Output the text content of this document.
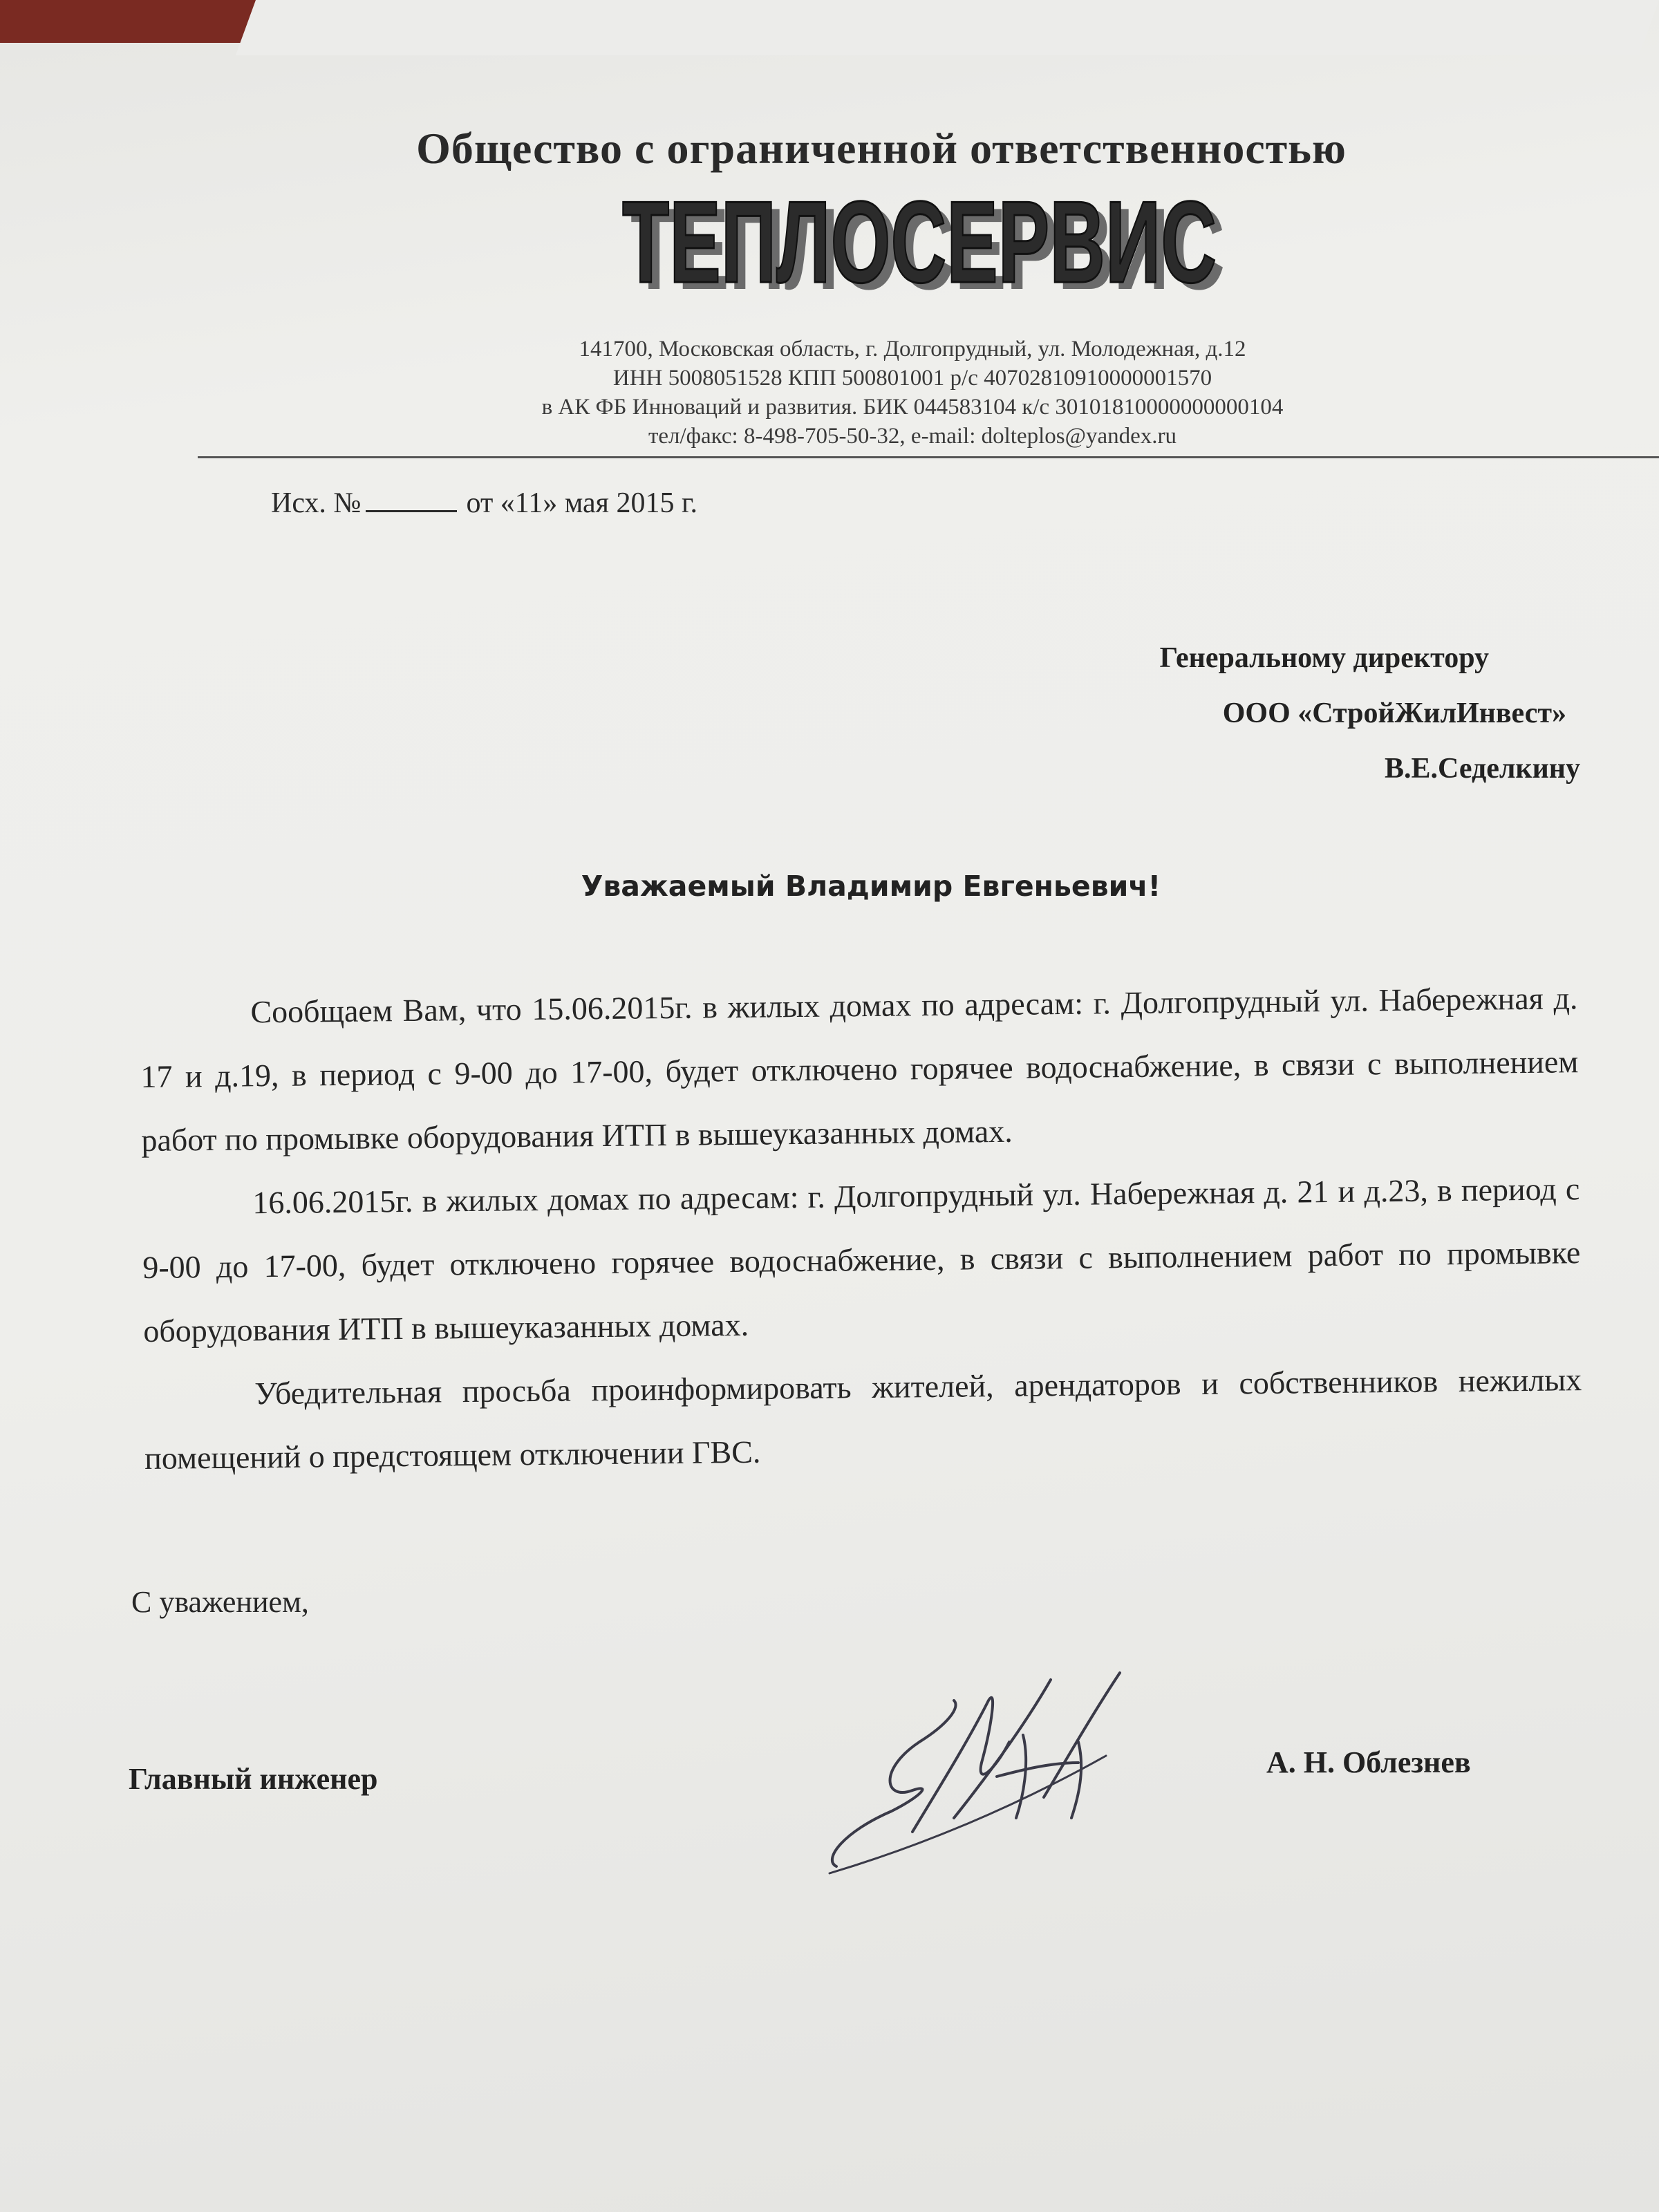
Общество с ограниченной ответственностью
ТЕПЛОСЕРВИС
ТЕПЛОСЕРВИС
141700, Московская область, г. Долгопрудный, ул. Молодежная, д.12
ИНН 5008051528 КПП 500801001 р/с 40702810910000001570
в АК ФБ Инноваций и развития. БИК 044583104 к/с 30101810000000000104
тел/факс: 8-498-705-50-32, e-mail: dolteplos@yandex.ru
Исх. №	от «11» мая 2015 г.
Генеральному директору
ООО «СтройЖилИнвест»
В.Е.Седелкину
Уважаемый Владимир Евгеньевич!

Сообщаем Вам, что 15.06.2015г. в жилых домах по адресам: г. Долгопрудный ул. Набережная д. 17 и д.19, в период с 9-00 до 17-00, будет отключено горячее водоснабжение, в связи с выполнением работ по промывке оборудования ИТП в вышеуказанных домах.

16.06.2015г. в жилых домах по адресам: г. Долгопрудный ул. Набережная д. 21 и д.23, в период с 9-00 до 17-00, будет отключено горячее водоснабжение, в связи с выполнением работ по промывке оборудования ИТП в вышеуказанных домах.

Убедительная просьба проинформировать жителей, арендаторов и собственников нежилых помещений о предстоящем отключении ГВС.

С уважением,
Главный инженер	А. Н. Облезнев
